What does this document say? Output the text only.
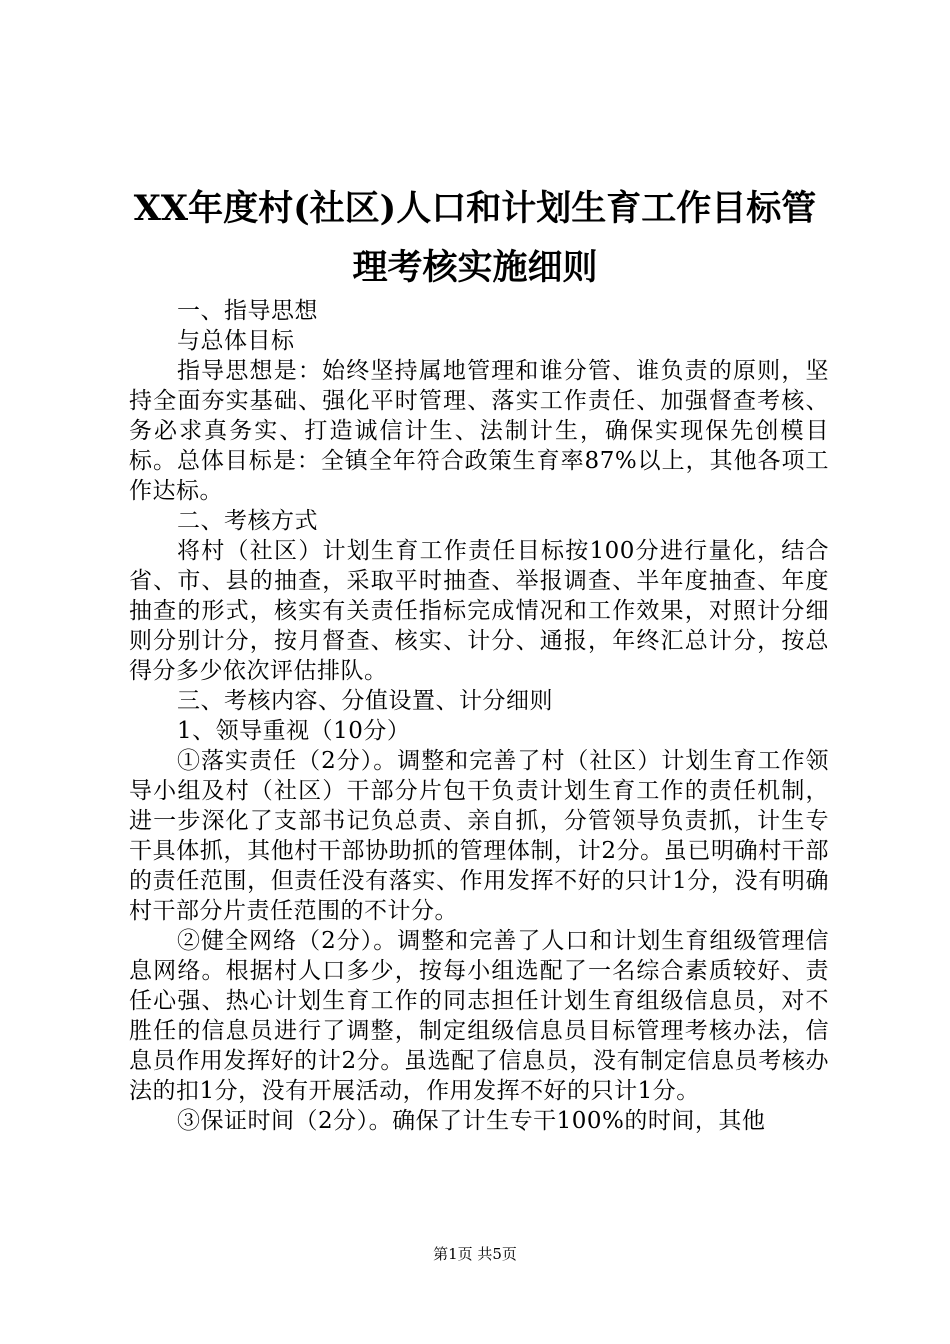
XX年度村(社区)人口和计划生育工作目标管
理考核实施细则

一、指导思想

与总体目标

指导思想是：始终坚持属地管理和谁分管、谁负责的原则，坚持全面夯实基础、强化平时管理、落实工作责任、加强督查考核、务必求真务实、打造诚信计生、法制计生，确保实现保先创模目标。总体目标是：全镇全年符合政策生育率87%以上，其他各项工作达标。

二、考核方式

将村（社区）计划生育工作责任目标按100分进行量化，结合省、市、县的抽查，采取平时抽查、举报调查、半年度抽查、年度抽查的形式，核实有关责任指标完成情况和工作效果，对照计分细则分别计分，按月督查、核实、计分、通报，年终汇总计分，按总得分多少依次评估排队。

三、考核内容、分值设置、计分细则

1、领导重视（10分）

①落实责任（2分）。调整和完善了村（社区）计划生育工作领导小组及村（社区）干部分片包干负责计划生育工作的责任机制，进一步深化了支部书记负总责、亲自抓，分管领导负责抓，计生专干具体抓，其他村干部协助抓的管理体制，计2分。虽已明确村干部的责任范围，但责任没有落实、作用发挥不好的只计1分，没有明确村干部分片责任范围的不计分。

②健全网络（2分）。调整和完善了人口和计划生育组级管理信息网络。根据村人口多少，按每小组选配了一名综合素质较好、责任心强、热心计划生育工作的同志担任计划生育组级信息员，对不胜任的信息员进行了调整，制定组级信息员目标管理考核办法，信息员作用发挥好的计2分。虽选配了信息员，没有制定信息员考核办法的扣1分，没有开展活动，作用发挥不好的只计1分。

③保证时间（2分）。确保了计生专干100%的时间，其他

第1页 共5页
